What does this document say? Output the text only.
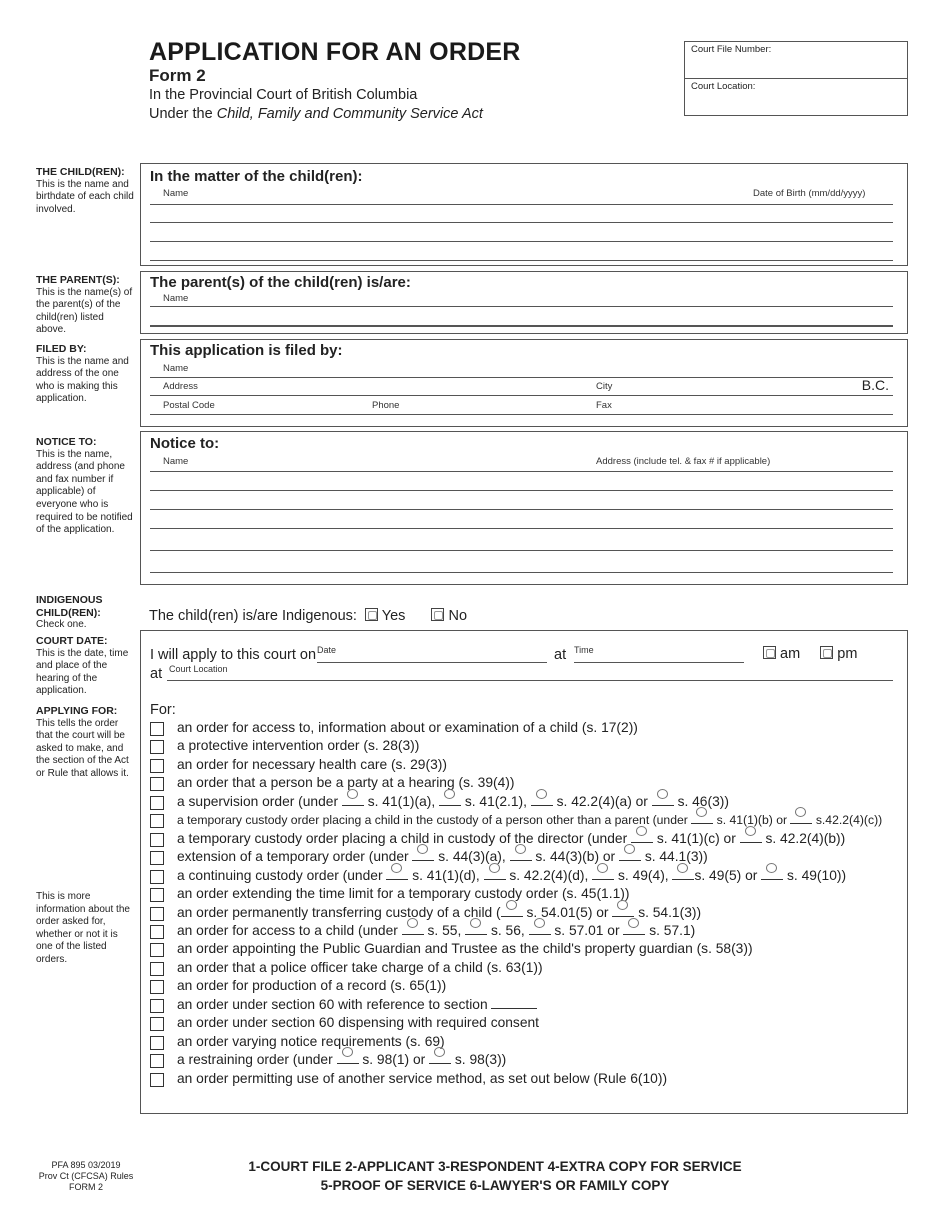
APPLICATION FOR AN ORDER
Form 2
In the Provincial Court of British Columbia
Under the Child, Family and Community Service Act
Court File Number:
Court Location:
THE CHILD(REN):
This is the name and birthdate of each child involved.
THE PARENT(S):
This is the name(s) of the parent(s) of the child(ren) listed above.
FILED BY:
This is the name and address of the one who is making this application.
NOTICE TO:
This is the name, address (and phone and fax number if applicable) of everyone who is required to be notified of the application.
INDIGENOUS CHILD(REN):
Check one.
COURT DATE:
This is the date, time and place of the hearing of the application.
APPLYING FOR:
This tells the order that the court will be asked to make, and the section of the Act or Rule that allows it.
This is more information about the order asked for, whether or not it is one of the listed orders.
In the matter of the child(ren):
Name	Date of Birth (mm/dd/yyyy)
The parent(s) of the child(ren) is/are:
Name
This application is filed by:
Name
Address	City	B.C.
Postal Code	Phone	Fax
Notice to:
Name	Address (include tel. & fax # if applicable)
The child(ren) is/are Indigenous: Yes	No
I will apply to this court on Date	at Time	am	pm
at Court Location
For:
an order for access to, information about or examination of a child (s. 17(2))
a protective intervention order (s. 28(3))
an order for necessary health care (s. 29(3))
an order that a person be a party at a hearing (s. 39(4))
a supervision order (under  s. 41(1)(a),  s. 41(2.1),  s. 42.2(4)(a) or  s. 46(3))
a temporary custody order placing a child in the custody of a person other than a parent (under  s. 41(1)(b) or  s.42.2(4)(c))
a temporary custody order placing a child in custody of the director (under  s. 41(1)(c) or  s. 42.2(4)(b))
extension of a temporary order (under  s. 44(3)(a),  s. 44(3)(b) or  s. 44.1(3))
a continuing custody order (under  s. 41(1)(d),  s. 42.2(4)(d),  s. 49(4), s. 49(5) or  s. 49(10))
an order extending the time limit for a temporary custody order (s. 45(1.1))
an order permanently transferring custody of a child ( s. 54.01(5) or  s. 54.1(3))
an order for access to a child (under  s. 55,  s. 56,  s. 57.01 or  s. 57.1)
an order appointing the Public Guardian and Trustee as the child's property guardian (s. 58(3))
an order that a police officer take charge of a child (s. 63(1))
an order for production of a record (s. 65(1))
an order under section 60 with reference to section
an order under section 60 dispensing with required consent
an order varying notice requirements (s. 69)
a restraining order (under  s. 98(1) or  s. 98(3))
an order permitting use of another service method, as set out below (Rule 6(10))
PFA 895 03/2019
Prov Ct (CFCSA) Rules
FORM 2
1-COURT FILE 2-APPLICANT 3-RESPONDENT 4-EXTRA COPY FOR SERVICE
5-PROOF OF SERVICE 6-LAWYER'S OR FAMILY COPY
